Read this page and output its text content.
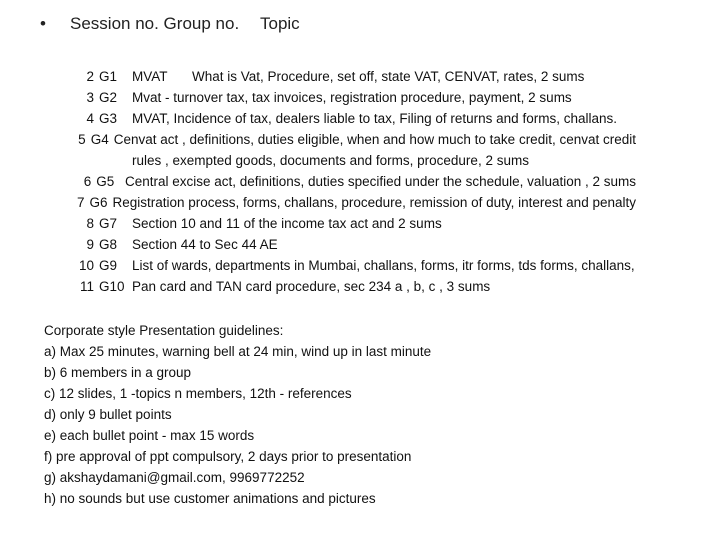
• Session no. Group no. Topic
2 G1	MVAT What is Vat, Procedure, set off, state VAT, CENVAT, rates, 2 sums
3 G2	Mvat - turnover tax, tax invoices, registration procedure, payment, 2 sums
4 G3	MVAT, Incidence of tax, dealers liable to tax, Filing of returns and forms, challans.
5 G4 Cenvat act , definitions, duties eligible, when and how much to take credit, cenvat credit
rules , exempted goods, documents and forms, procedure, 2 sums
6 G5 Central excise act, definitions, duties specified under the schedule, valuation , 2 sums
7 G6 Registration process, forms, challans, procedure, remission of duty, interest and penalty
8 G7	Section 10 and 11 of the income tax act and 2 sums
9 G8	Section 44 to Sec 44 AE
10 G9	List of wards, departments in Mumbai, challans, forms, itr forms, tds forms, challans,
11 G10 Pan card and TAN card procedure, sec 234 a , b, c , 3 sums
Corporate style Presentation guidelines:
a) Max 25 minutes, warning bell at 24 min, wind up in last minute
b) 6 members in a group
c) 12 slides, 1 -topics n members, 12th - references
d) only 9 bullet points
e) each bullet point - max 15 words
f) pre approval of ppt compulsory, 2 days prior to presentation
g) akshaydamani@gmail.com, 9969772252
h) no sounds but use customer animations and pictures
